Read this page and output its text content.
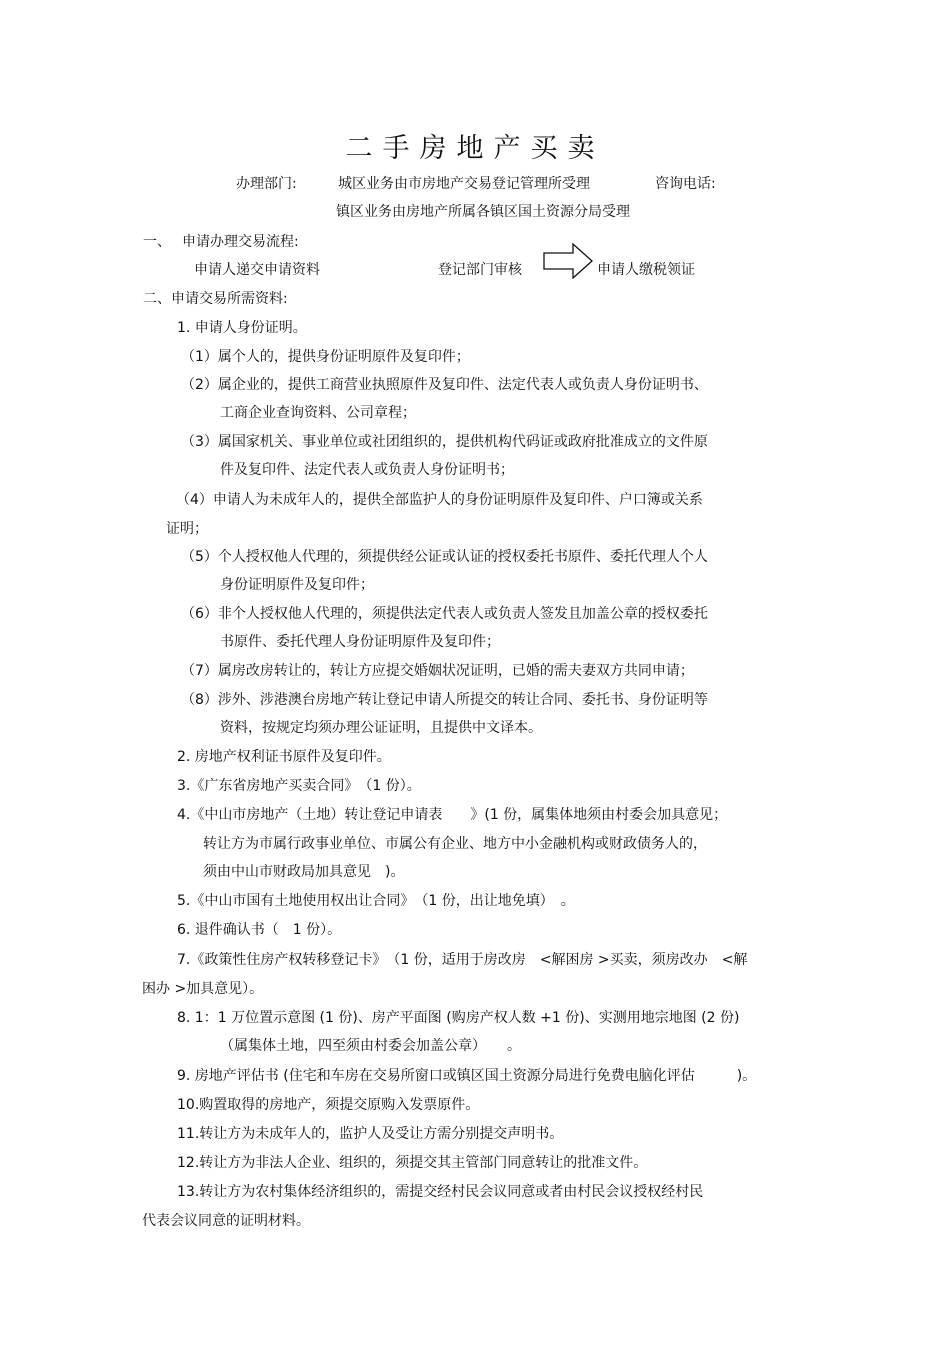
二手房地产买卖
办理部门:	城区业务由市房地产交易登记管理所受理	咨询电话:
镇区业务由房地产所属各镇区国土资源分局受理
一、 申请办理交易流程:
申请人递交申请资料	登记部门审核	申请人缴税领证
二、申请交易所需资料:
1. 申请人身份证明。
（1）属个人的，提供身份证明原件及复印件；
（2）属企业的，提供工商营业执照原件及复印件、法定代表人或负责人身份证明书、
工商企业查询资料、公司章程；
（3）属国家机关、事业单位或社团组织的，提供机构代码证或政府批准成立的文件原
件及复印件、法定代表人或负责人身份证明书；
（4）申请人为未成年人的，提供全部监护人的身份证明原件及复印件、户口簿或关系
证明；
（5）个人授权他人代理的，须提供经公证或认证的授权委托书原件、委托代理人个人
身份证明原件及复印件；
（6）非个人授权他人代理的，须提供法定代表人或负责人签发且加盖公章的授权委托
书原件、委托代理人身份证明原件及复印件；
（7）属房改房转让的，转让方应提交婚姻状况证明，已婚的需夫妻双方共同申请；
（8）涉外、涉港澳台房地产转让登记申请人所提交的转让合同、委托书、身份证明等
资料，按规定均须办理公证证明，且提供中文译本。
2. 房地产权利证书原件及复印件。
3.《广东省房地产买卖合同》　（1 份）。
4.《中山市房地产（土地）转让登记申请表　　》(1 份，属集体地须由村委会加具意见；
转让方为市属行政事业单位、市属公有企业、地方中小金融机构或财政债务人的，
须由中山市财政局加具意见　)。
5.《中山市国有土地使用权出让合同》　（1 份，出让地免填）　。
6. 退件确认书（　1 份）。
7.《政策性住房产权转移登记卡》　（1 份，适用于房改房　<解困房 >买卖，须房改办　<解
困办 >加具意见）。
8. 1：1 万位置示意图 (1 份)、房产平面图 (购房产权人数 +1 份)、实测用地宗地图 (2 份)
（属集体土地，四至须由村委会加盖公章）　　。
9. 房地产评估书 (住宅和车房在交易所窗口或镇区国土资源分局进行免费电脑化评估　　　)。
10.购置取得的房地产，须提交原购入发票原件。
11.转让方为未成年人的，监护人及受让方需分别提交声明书。
12.转让方为非法人企业、组织的，须提交其主管部门同意转让的批准文件。
13.转让方为农村集体经济组织的，需提交经村民会议同意或者由村民会议授权经村民
代表会议同意的证明材料。
